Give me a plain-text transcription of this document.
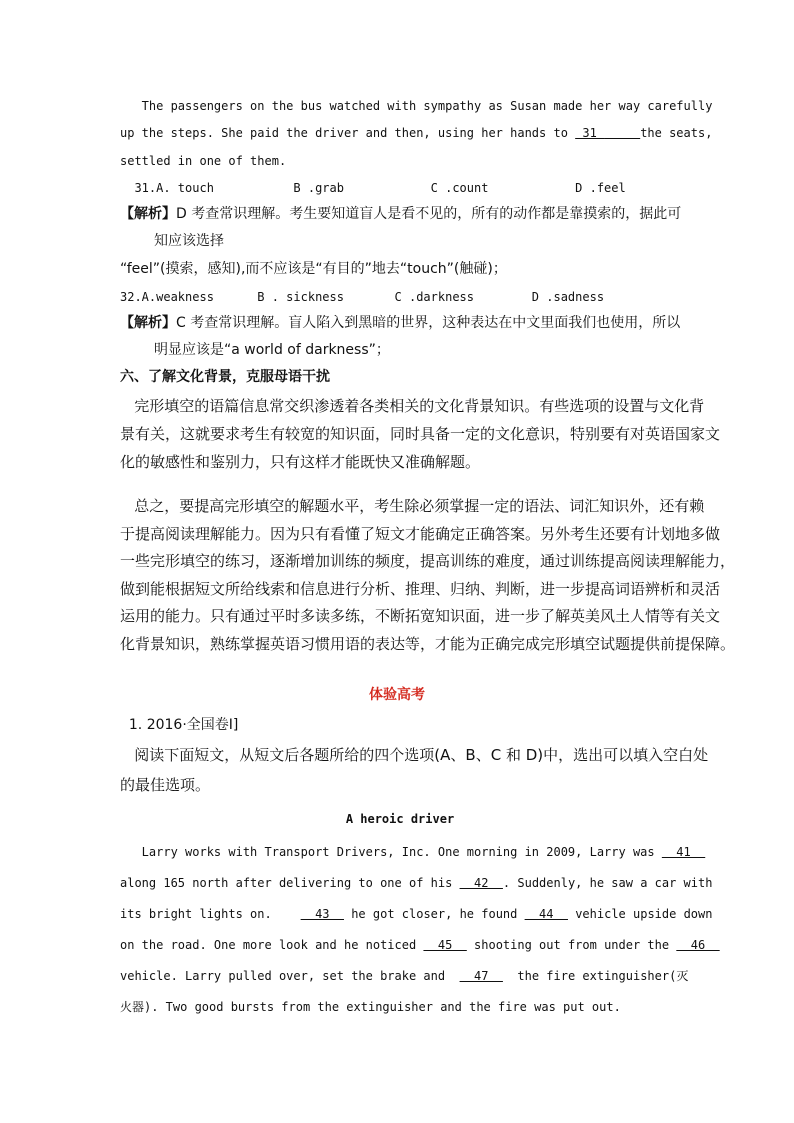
The passengers on the bus watched with sympathy as Susan made her way carefully
up the steps. She paid the driver and then, using her hands to  31	the seats,
settled in one of them.
31.A. touch           B .grab            C .count            D .feel
【解析】D 考查常识理解。考生要知道盲人是看不见的，所有的动作都是靠摸索的，据此可
知应该选择
“feel”(摸索，感知),而不应该是“有目的”地去“touch”(触碰)；
32.A.weakness      B . sickness       C .darkness        D .sadness
【解析】C 考查常识理解。盲人陷入到黑暗的世界，这种表达在中文里面我们也使用，所以
明显应该是“a world of darkness”；
六、了解文化背景，克服母语干扰
完形填空的语篇信息常交织渗透着各类相关的文化背景知识。有些选项的设置与文化背
景有关，这就要求考生有较宽的知识面，同时具备一定的文化意识，特别要有对英语国家文
化的敏感性和鉴别力，只有这样才能既快又准确解题。
总之，要提高完形填空的解题水平，考生除必须掌握一定的语法、词汇知识外，还有赖
于提高阅读理解能力。因为只有看懂了短文才能确定正确答案。另外考生还要有计划地多做
一些完形填空的练习，逐渐增加训练的频度，提高训练的难度，通过训练提高阅读理解能力，
做到能根据短文所给线索和信息进行分析、推理、归纳、判断，进一步提高词语辨析和灵活
运用的能力。只有通过平时多读多练，不断拓宽知识面，进一步了解英美风土人情等有关文
化背景知识，熟练掌握英语习惯用语的表达等，才能为正确完成完形填空试题提供前提保障。
体验高考
1. 2016·全国卷Ⅰ]
阅读下面短文，从短文后各题所给的四个选项(A、B、C 和 D)中，选出可以填入空白处
的最佳选项。
A heroic driver
Larry works with Transport Drivers, Inc. One morning in 2009, Larry was   41
along 165 north after delivering to one of his   42  . Suddenly, he saw a car with
its bright lights on.      43   he got closer, he found   44   vehicle upside down
on the road. One more look and he noticed   45   shooting out from under the   46
vehicle. Larry pulled over, set the brake and    47    the fire extinguisher(灭
火器). Two good bursts from the extinguisher and the fire was put out.
